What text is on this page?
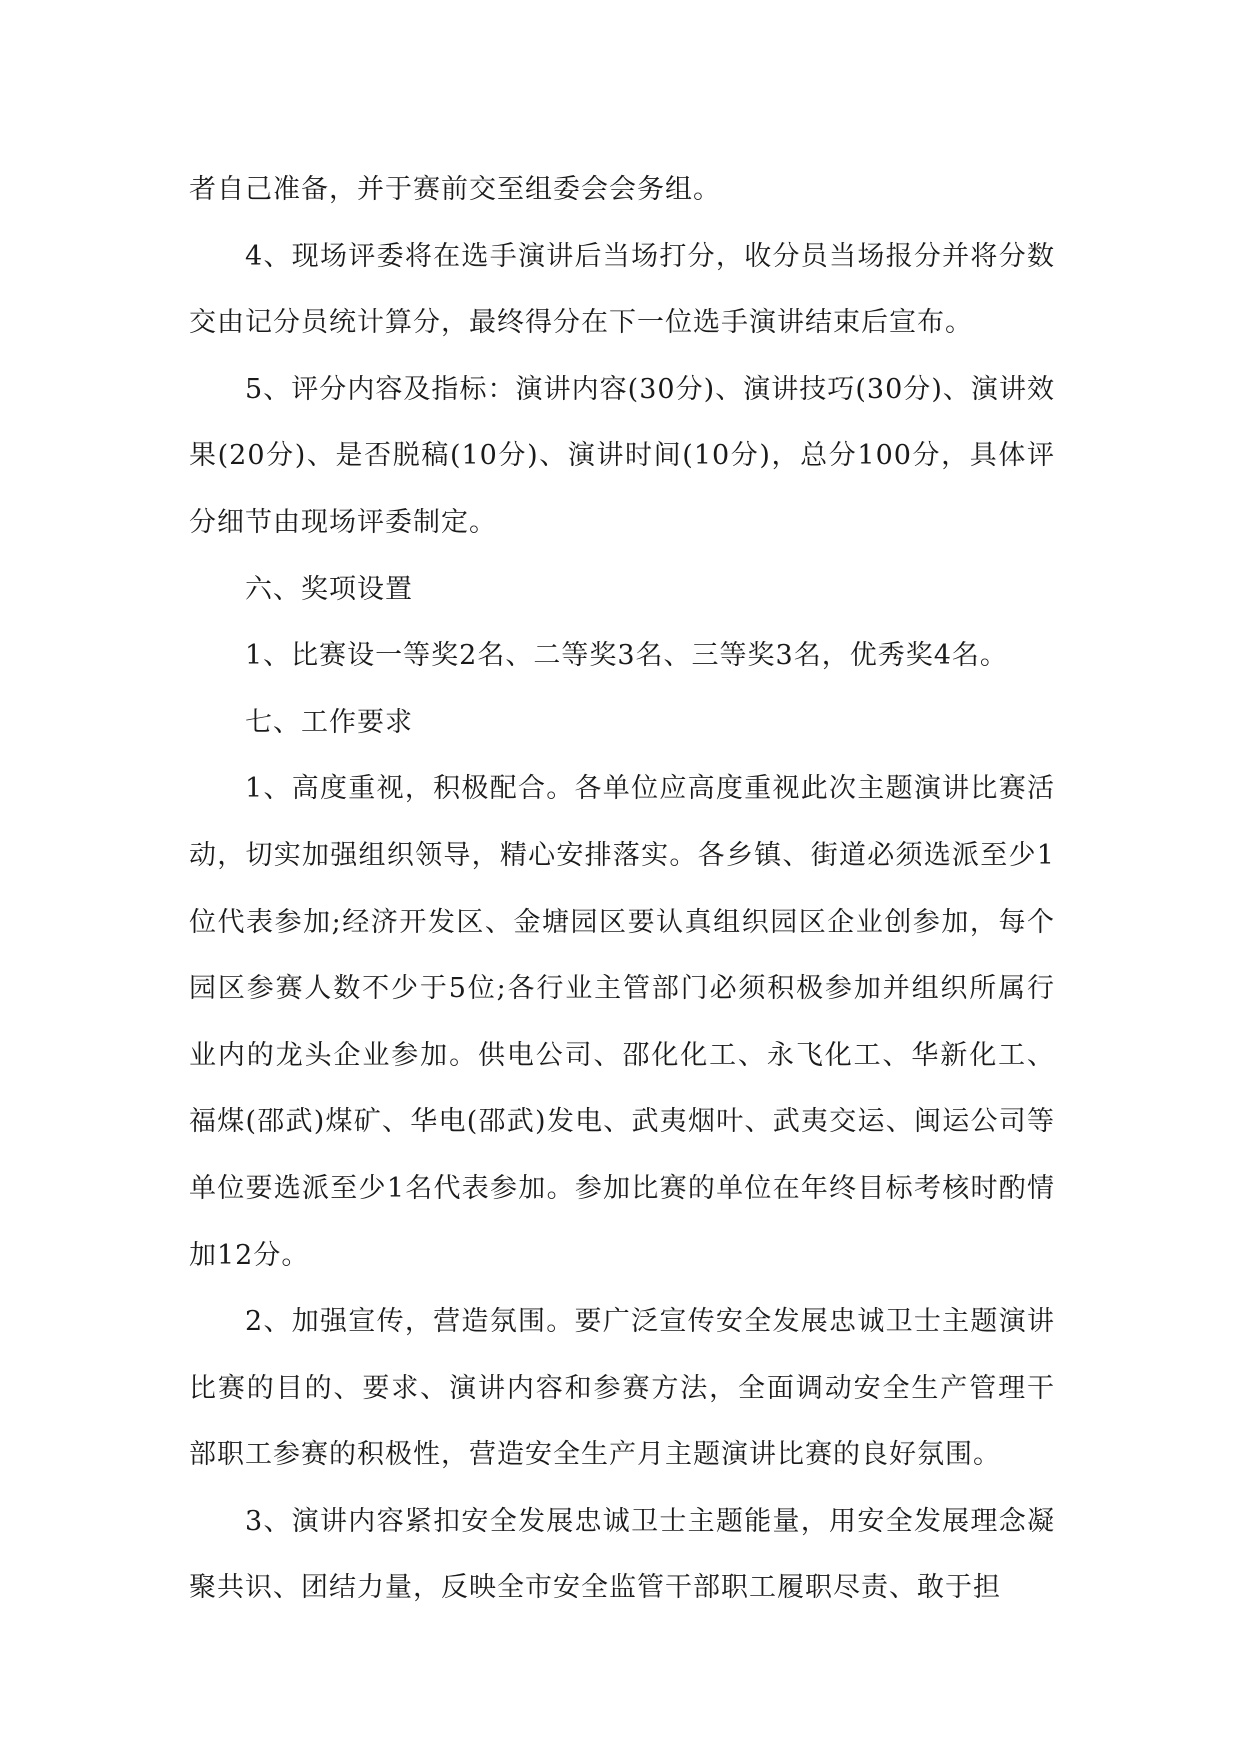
者自己准备，并于赛前交至组委会会务组。

4、现场评委将在选手演讲后当场打分，收分员当场报分并将分数交由记分员统计算分，最终得分在下一位选手演讲结束后宣布。

5、评分内容及指标：演讲内容(30分)、演讲技巧(30分)、演讲效果(20分)、是否脱稿(10分)、演讲时间(10分)，总分100分，具体评分细节由现场评委制定。

六、奖项设置

1、比赛设一等奖2名、二等奖3名、三等奖3名，优秀奖4名。

七、工作要求

1、高度重视，积极配合。各单位应高度重视此次主题演讲比赛活动，切实加强组织领导，精心安排落实。各乡镇、街道必须选派至少1位代表参加;经济开发区、金塘园区要认真组织园区企业创参加，每个园区参赛人数不少于5位;各行业主管部门必须积极参加并组织所属行业内的龙头企业参加。供电公司、邵化化工、永飞化工、华新化工、福煤(邵武)煤矿、华电(邵武)发电、武夷烟叶、武夷交运、闽运公司等单位要选派至少1名代表参加。参加比赛的单位在年终目标考核时酌情加12分。

2、加强宣传，营造氛围。要广泛宣传安全发展忠诚卫士主题演讲比赛的目的、要求、演讲内容和参赛方法，全面调动安全生产管理干部职工参赛的积极性，营造安全生产月主题演讲比赛的良好氛围。

3、演讲内容紧扣安全发展忠诚卫士主题能量，用安全发展理念凝聚共识、团结力量，反映全市安全监管干部职工履职尽责、敢于担
